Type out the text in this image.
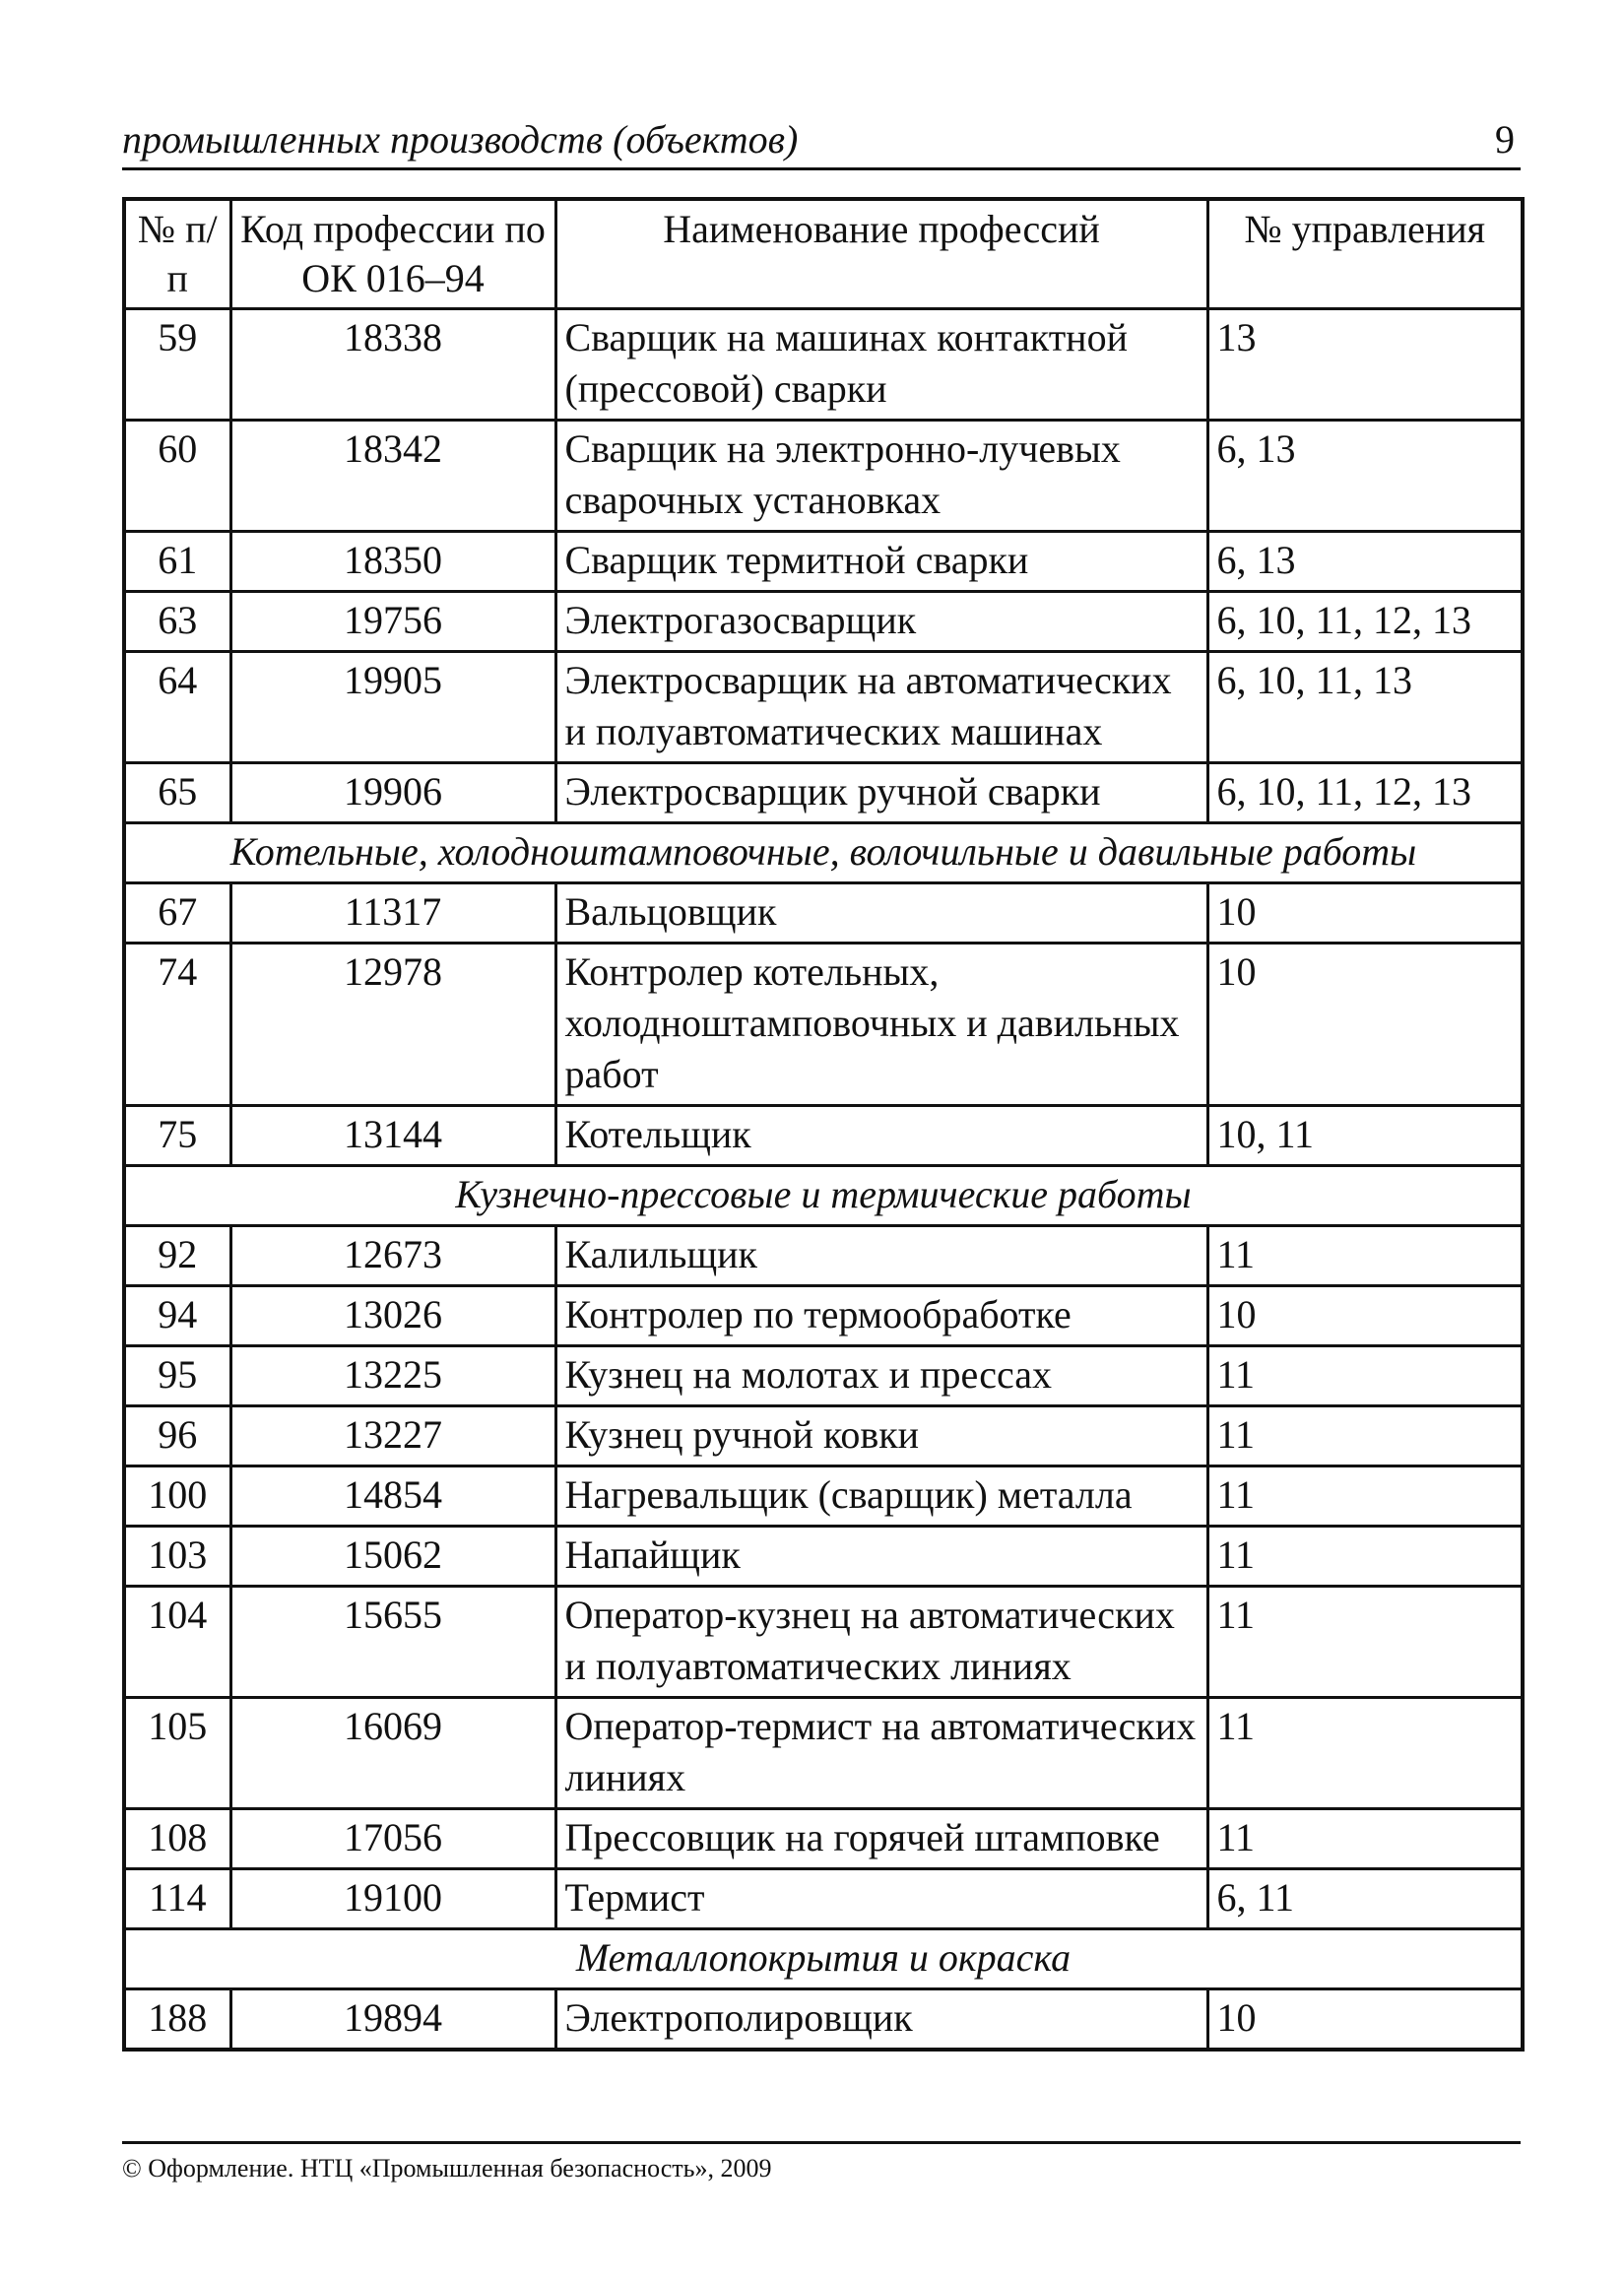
промышленных производств (объектов)	9
№ п/п	Код профессии по ОК 016–94	Наименование профессий	№ управления
59	18338	Сварщик на машинах контактной (прессовой) сварки	13
60	18342	Сварщик на электронно-лучевых сварочных установках	6, 13
61	18350	Сварщик термитной сварки	6, 13
63	19756	Электрогазосварщик	6, 10, 11, 12, 13
64	19905	Электросварщик на автоматических и полуавтоматических машинах	6, 10, 11, 13
65	19906	Электросварщик ручной сварки	6, 10, 11, 12, 13
Котельные, холодноштамповочные, волочильные и давильные работы			
67	11317	Вальцовщик	10
74	12978	Контролер котельных, холодноштамповочных и давильных работ	10
75	13144	Котельщик	10, 11
Кузнечно-прессовые и термические работы			
92	12673	Калильщик	11
94	13026	Контролер по термообработке	10
95	13225	Кузнец на молотах и прессах	11
96	13227	Кузнец ручной ковки	11
100	14854	Нагревальщик (сварщик) металла	11
103	15062	Напайщик	11
104	15655	Оператор-кузнец на автоматических и полуавтоматических линиях	11
105	16069	Оператор-термист на автоматических линиях	11
108	17056	Прессовщик на горячей штамповке	11
114	19100	Термист	6, 11
Металлопокрытия и окраска			
188	19894	Электрополировщик	10
© Оформление. НТЦ «Промышленная безопасность», 2009
